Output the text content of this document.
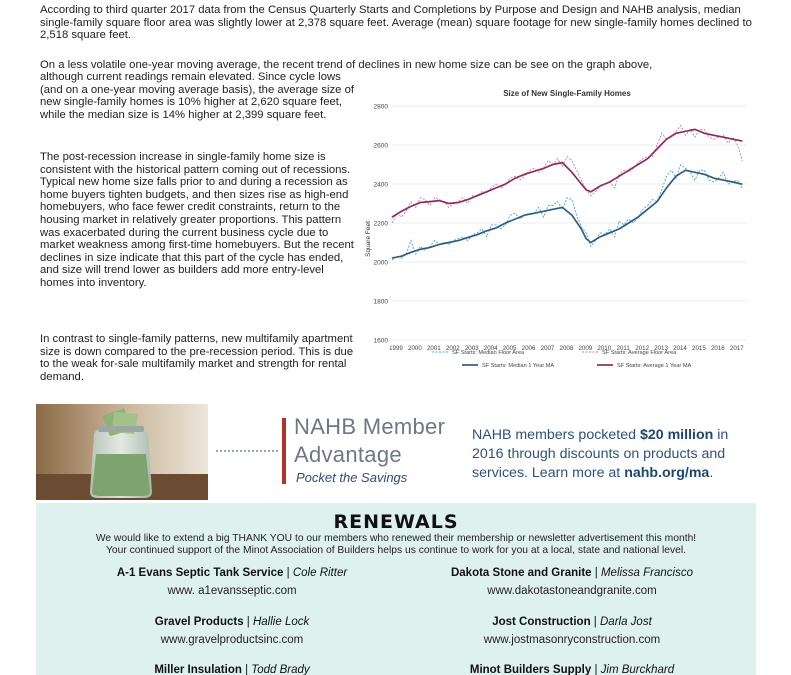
According to third quarter 2017 data from the Census Quarterly Starts and Completions by Purpose and Design and NAHB analysis, median single-family square floor area was slightly lower at 2,378 square feet. Average (mean) square footage for new single-family homes declined to 2,518 square feet.
On a less volatile one-year moving average, the recent trend of declines in new home size can be see on the graph above,
although current readings remain elevated. Since cycle lows (and on a one-year moving average basis), the average size of new single-family homes is 10% higher at 2,620 square feet, while the median size is 14% higher at 2,399 square feet.
The post-recession increase in single-family home size is consistent with the historical pattern coming out of recessions. Typical new home size falls prior to and during a recession as home buyers tighten budgets, and then sizes rise as high-end homebuyers, who face fewer credit constraints, return to the housing market in relatively greater proportions. This pattern was exacerbated during the current business cycle due to market weakness among first-time homebuyers. But the recent declines in size indicate that this part of the cycle has ended, and size will trend lower as builders add more entry-level homes into inventory.
In contrast to single-family patterns, new multifamily apartment size is down compared to the pre-recession period. This is due to the weak for-sale multifamily market and strength for rental demand.
Size of New Single-Family Homes
Square Feet
1600
1800
2000
2200
2400
2600
2800
1999 2000 2001 2002 2003 2004 2005 2006 2007 2008 2009 2010 2011 2012 2013 2014 2015 2016 2017
SF Starts: Median Floor Area	SF Starts: Average Floor Area
SF Starts: Median 1 Year MA	SF Starts: Average 1 Year MA
NAHB Member
Advantage
Pocket the Savings
NAHB members pocketed $20 million in 2016 through discounts on products and services. Learn more at nahb.org/ma.
RENEWALS
We would like to extend a big THANK YOU to our members who renewed their membership or newsletter advertisement this month!
Your continued support of the Minot Association of Builders helps us continue to work for you at a local, state and national level.
A-1 Evans Septic Tank Service | Cole Ritter
www. a1evansseptic.com
Dakota Stone and Granite | Melissa Francisco
www.dakotastoneandgranite.com
Gravel Products | Hallie Lock
www.gravelproductsinc.com
Jost Construction | Darla Jost
www.jostmasonryconstruction.com
Miller Insulation | Todd Brady	Minot Builders Supply | Jim Burckhard
